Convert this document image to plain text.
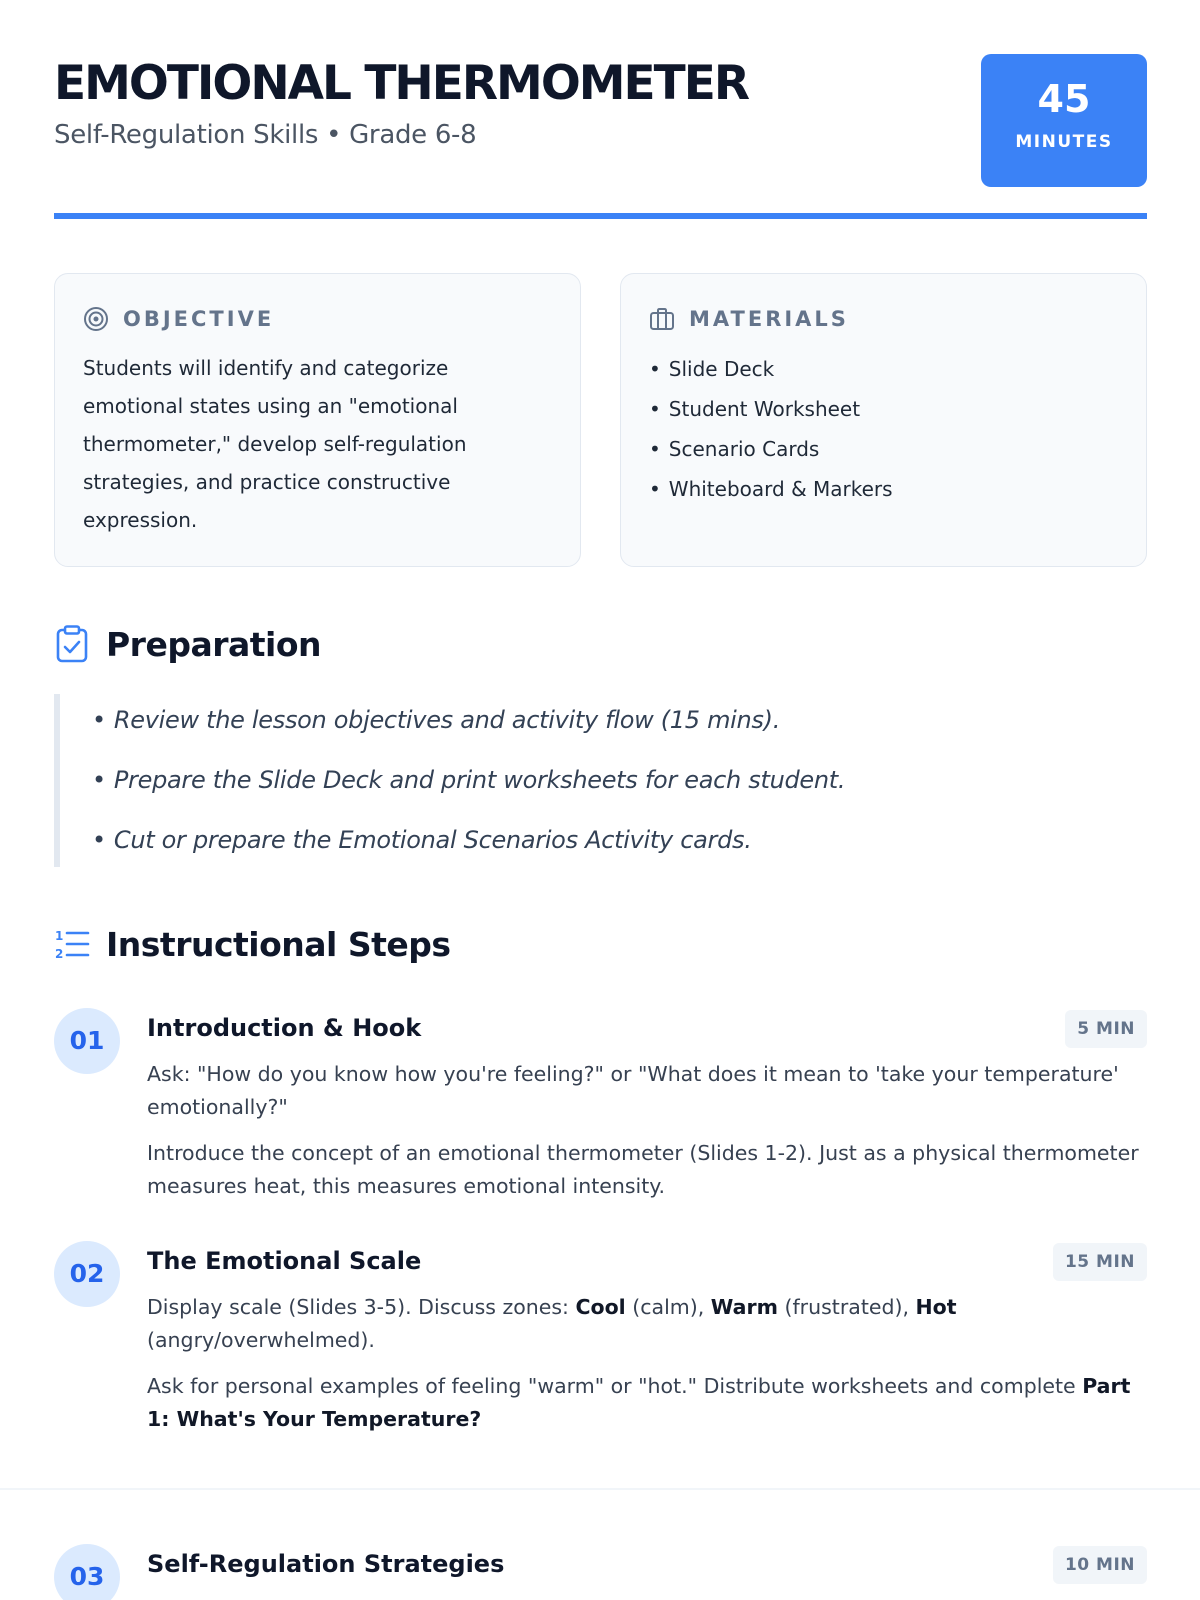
EMOTIONAL THERMOMETER
Self-Regulation Skills • Grade 6-8
45
MINUTES
OBJECTIVE
Students will identify and categorize emotional states using an "emotional thermometer," develop self-regulation strategies, and practice constructive expression.
MATERIALS
• Slide Deck
• Student Worksheet
• Scenario Cards
• Whiteboard & Markers
Preparation
• Review the lesson objectives and activity flow (15 mins).
• Prepare the Slide Deck and print worksheets for each student.
• Cut or prepare the Emotional Scenarios Activity cards.
1
2 Instructional Steps
01	Introduction & Hook	5 MIN

Ask: "How do you know how you're feeling?" or "What does it mean to 'take your temperature' emotionally?"

Introduce the concept of an emotional thermometer (Slides 1-2). Just as a physical thermometer measures heat, this measures emotional intensity.

02	The Emotional Scale	15 MIN

Display scale (Slides 3-5). Discuss zones: Cool (calm), Warm (frustrated), Hot (angry/overwhelmed).

Ask for personal examples of feeling "warm" or "hot." Distribute worksheets and complete Part 1: What's Your Temperature?

03	Self-Regulation Strategies	10 MIN
